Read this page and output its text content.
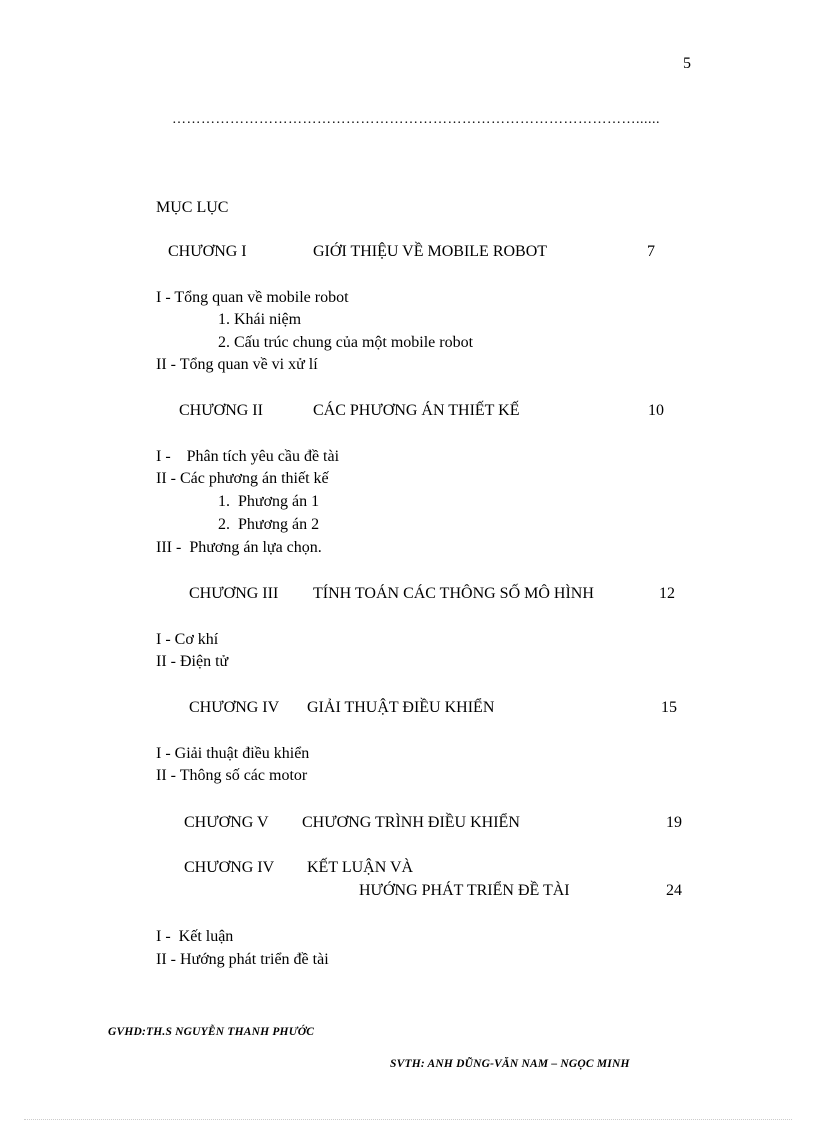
5
……………………………………………………………………………………......
MỤC LỤC
CHƯƠNG I	GIỚI THIỆU VỀ MOBILE ROBOT	7
I - Tổng quan về mobile robot
1. Khái niệm
2. Cấu trúc chung của một mobile robot
II - Tổng quan về vi xử lí
CHƯƠNG II	CÁC PHƯƠNG ÁN THIẾT KẾ	10
I -    Phân tích yêu cầu đề tài
II - Các phương án thiết kế
1.  Phương án 1
2.  Phương án 2
III -  Phương án lựa chọn.
CHƯƠNG III TÍNH TOÁN CÁC THÔNG SỐ MÔ HÌNH	12
I - Cơ khí
II - Điện tử
CHƯƠNG IV GIẢI THUẬT ĐIỀU KHIỂN	15
I - Giải thuật điều khiển
II - Thông số các motor
CHƯƠNG V CHƯƠNG TRÌNH ĐIỀU KHIỂN	19
CHƯƠNG IV KẾT LUẬN VÀ
HƯỚNG PHÁT TRIỂN ĐỀ TÀI	24
I -  Kết luận
II - Hướng phát triển đề tài
GVHD:TH.S NGUYỄN THANH PHƯỚC
SVTH: ANH DŨNG-VĂN NAM – NGỌC MINH
